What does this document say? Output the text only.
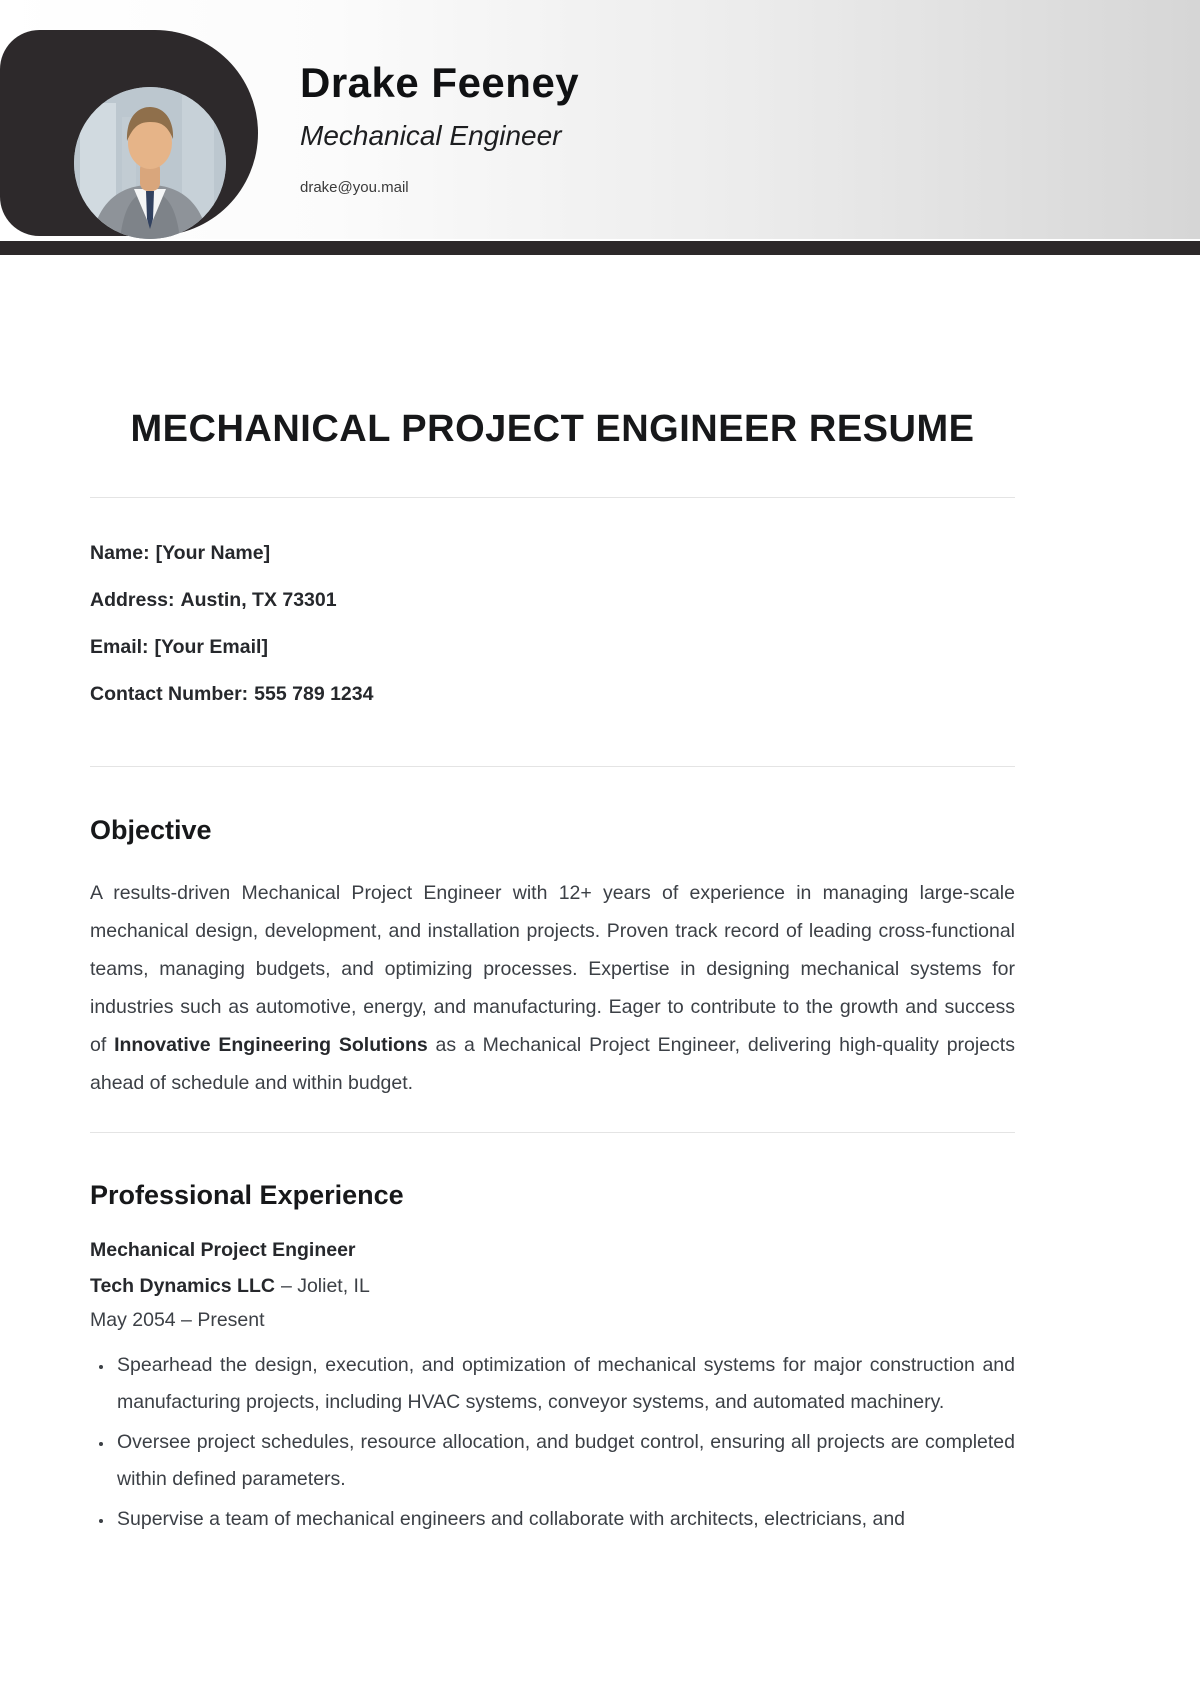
Drake Feeney
Mechanical Engineer
drake@you.mail
MECHANICAL PROJECT ENGINEER RESUME

Name: [Your Name]

Address: Austin, TX 73301

Email: [Your Email]

Contact Number: 555 789 1234

Objective

A results-driven Mechanical Project Engineer with 12+ years of experience in managing large-scale mechanical design, development, and installation projects. Proven track record of leading cross-functional teams, managing budgets, and optimizing processes. Expertise in designing mechanical systems for industries such as automotive, energy, and manufacturing. Eager to contribute to the growth and success of Innovative Engineering Solutions as a Mechanical Project Engineer, delivering high-quality projects ahead of schedule and within budget.

Professional Experience
Mechanical Project Engineer
Tech Dynamics LLC – Joliet, IL
May 2054 – Present
• Spearhead the design, execution, and optimization of mechanical systems for major construction and manufacturing projects, including HVAC systems, conveyor systems, and automated machinery.
• Oversee project schedules, resource allocation, and budget control, ensuring all projects are completed within defined parameters.
• Supervise a team of mechanical engineers and collaborate with architects, electricians, and
